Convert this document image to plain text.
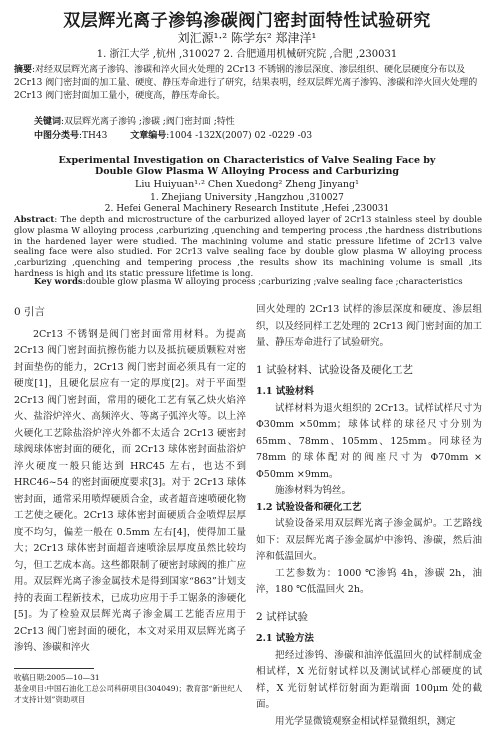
双层辉光离子渗钨渗碳阀门密封面特性试验研究
刘汇源¹·² 陈学东² 郑津洋¹
1. 浙江大学 ,杭州 ,310027 2. 合肥通用机械研究院 ,合肥 ,230031
摘要:对经双层辉光离子渗钨、渗碳和淬火回火处理的 2Cr13 不锈钢的渗层深度、渗层组织、硬化层硬度分布以及 2Cr13 阀门密封面的加工量、硬度、静压寿命进行了研究，结果表明，经双层辉光离子渗钨、渗碳和淬火回火处理的 2Cr13 阀门密封面加工量小，硬度高，静压寿命长。
关键词:双层辉光离子渗钨 ;渗碳 ;阀门密封面 ;特性
中图分类号:TH43	文章编号:1004 -132X(2007) 02 -0229 -03
Experimental Investigation on Characteristics of Valve Sealing Face by
Double Glow Plasma W Alloying Process and Carburizing
Liu Huiyuan¹·² Chen Xuedong² Zheng Jinyang¹
1. Zhejiang University ,Hangzhou ,310027
2. Hefei General Machinery Research Institute ,Hefei ,230031
Abstract: The depth and microstructure of the carburized alloyed layer of 2Cr13 stainless steel by double glow plasma W alloying process ,carburizing ,quenching and tempering process ,the hardness distributions in the hardened layer were studied. The machining volume and static pressure lifetime of 2Cr13 valve sealing face were also studied. For 2Cr13 valve sealing face by double glow plasma W alloying process ,carburizing ,quenching and tempering process ,the results show its machining volume is small ,its hardness is high and its static pressure lifetime is long.
Key words:double glow plasma W alloying process ;carburizing ;valve sealing face ;characteristics
0 引言

2Cr13 不锈钢是阀门密封面常用材料。为提高 2Cr13 阀门密封面抗擦伤能力以及抵抗硬质颗粒对密封面垫伤的能力，2Cr13 阀门密封面必须具有一定的硬度[1]，且硬化层应有一定的厚度[2]。对于平面型 2Cr13 阀门密封面，常用的硬化工艺有氧乙炔火焰淬火、盐浴炉淬火、高频淬火、等离子弧淬火等。以上淬火硬化工艺除盐浴炉淬火外都不太适合 2Cr13 硬密封球阀球体密封面的硬化，而 2Cr13 球体密封面盐浴炉淬火硬度一般只能达到 HRC45 左右，也达不到 HRC46~54 的密封面硬度要求[3]。对于 2Cr13 球体密封面，通常采用喷焊硬质合金，或者超音速喷硬化物工艺使之硬化。2Cr13 球体密封面硬质合金喷焊层厚度不均匀，偏差一般在 0.5mm 左右[4]，使得加工量大；2Cr13 球体密封面超音速喷涂层厚度虽然比较均匀，但工艺成本高。这些都限制了硬密封球阀的推广应用。双层辉光离子渗金属技术是得到国家“863”计划支持的表面工程新技术，已成功应用于手工锯条的渗硬化[5]。为了检验双层辉光离子渗金属工艺能否应用于 2Cr13 阀门密封面的硬化，本文对采用双层辉光离子渗钨、渗碳和淬火

收稿日期:2005—10—31
基金项目:中国石油化工总公司科研项目(304049)；教育部“新世纪人才支持计划”资助项目

回火处理的 2Cr13 试样的渗层深度和硬度、渗层组织，以及经同样工艺处理的 2Cr13 阀门密封面的加工量、静压寿命进行了试验研究。

1 试验材料、试验设备及硬化工艺
1.1 试验材料

试样材料为退火组织的 2Cr13。试样试样尺寸为 Φ30mm ×50mm；球体试样的球径尺寸分别为 65mm、78mm、105mm、125mm。同球径为 78mm 的球体配对的阀座尺寸为 Φ70mm × Φ50mm ×9mm。

施渗材料为钨丝。

1.2 试验设备和硬化工艺

试验设备采用双层辉光离子渗金属炉。工艺路线如下：双层辉光离子渗金属炉中渗钨、渗碳，然后油淬和低温回火。

工艺参数为：1000 ℃渗钨 4h，渗碳 2h，油淬，180 ℃低温回火 2h。

2 试样试验
2.1 试验方法

把经过渗钨、渗碳和油淬低温回火的试样制成金相试样，X 光衍射试样以及测试试样心部硬度的试样，X 光衍射试样衍射面为距端面 100μm 处的截面。

用光学显微镜观察金相试样显微组织，测定
